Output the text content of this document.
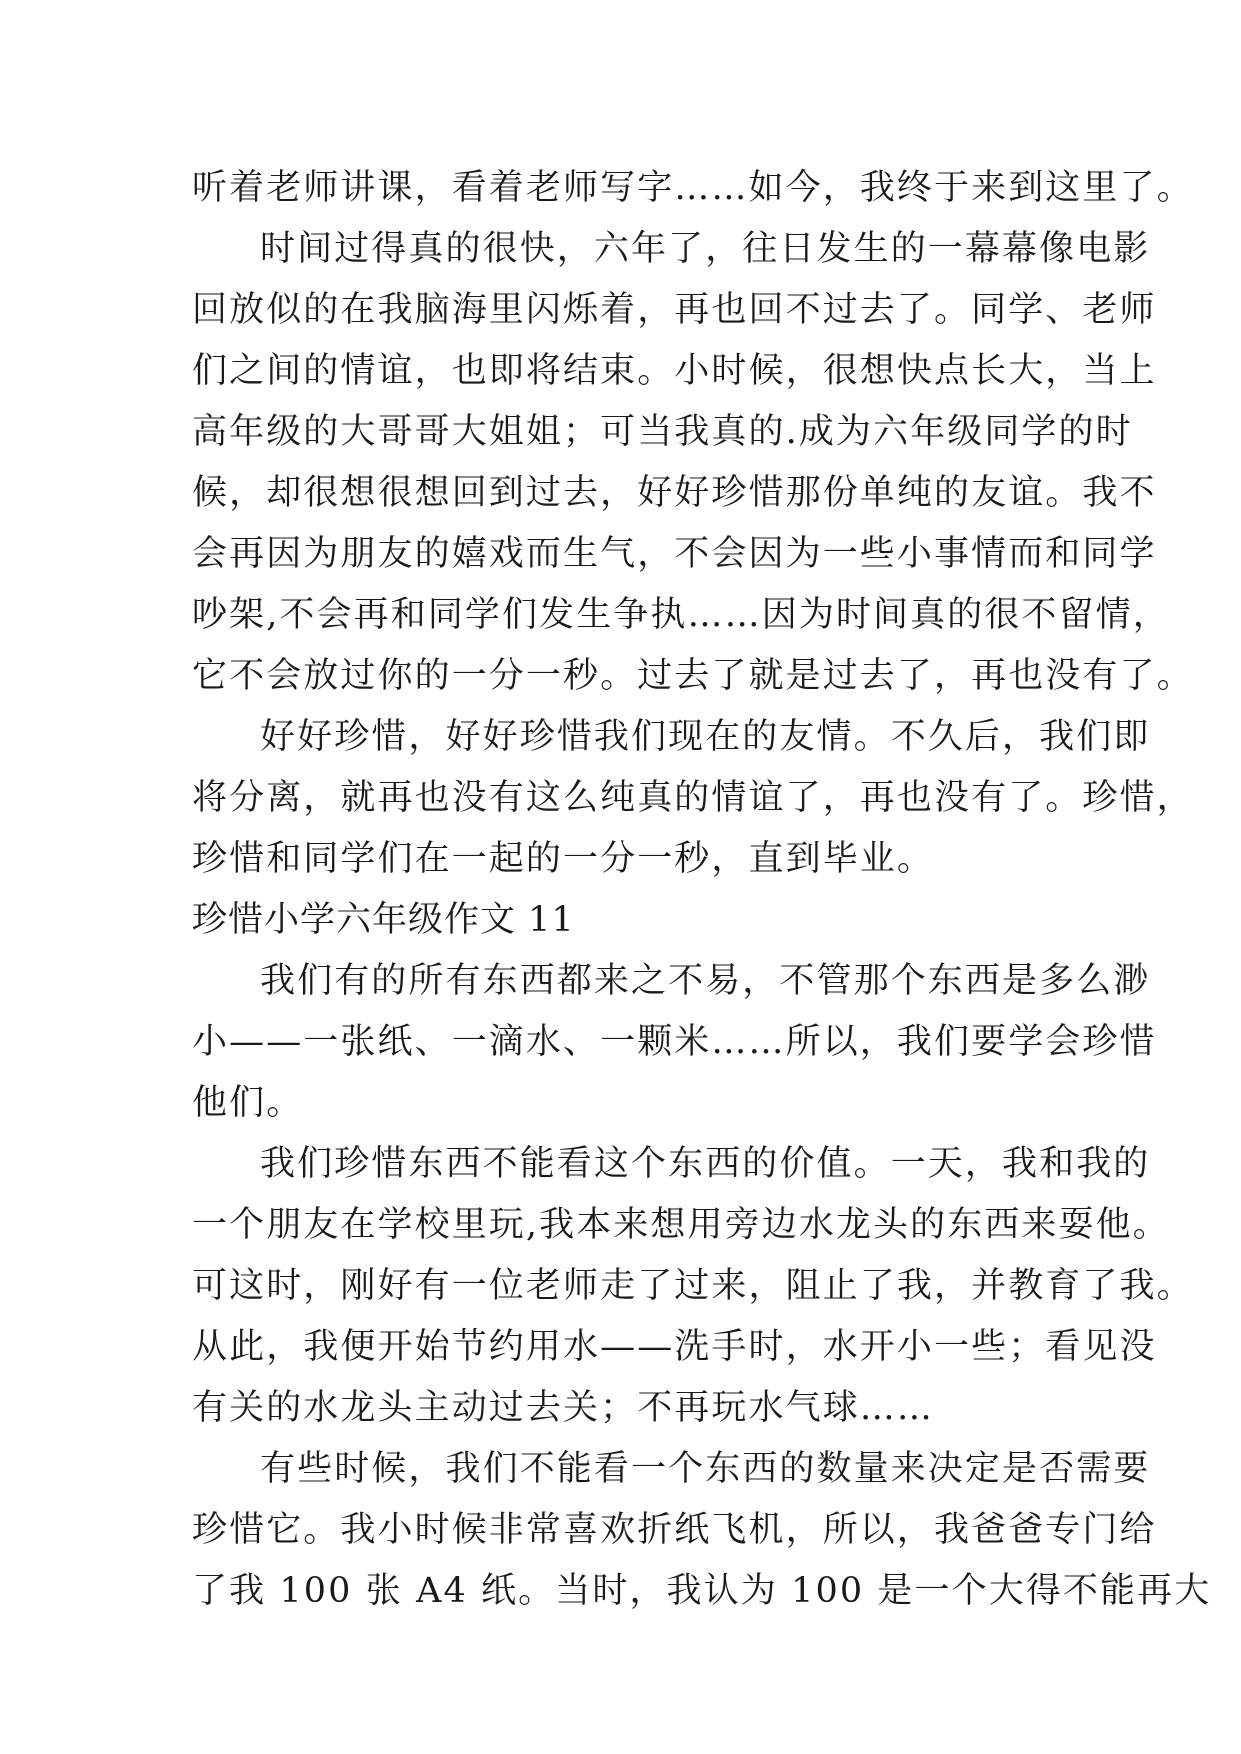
听着老师讲课，看着老师写字……如今，我终于来到这里了。
时间过得真的很快，六年了，往日发生的一幕幕像电影
回放似的在我脑海里闪烁着，再也回不过去了。同学、老师
们之间的情谊，也即将结束。小时候，很想快点长大，当上
高年级的大哥哥大姐姐；可当我真的.成为六年级同学的时
候，却很想很想回到过去，好好珍惜那份单纯的友谊。我不
会再因为朋友的嬉戏而生气，不会因为一些小事情而和同学
吵架,不会再和同学们发生争执……因为时间真的很不留情，
它不会放过你的一分一秒。过去了就是过去了，再也没有了。
好好珍惜，好好珍惜我们现在的友情。不久后，我们即
将分离，就再也没有这么纯真的情谊了，再也没有了。珍惜，
珍惜和同学们在一起的一分一秒，直到毕业。
珍惜小学六年级作文 11
我们有的所有东西都来之不易，不管那个东西是多么渺
小——一张纸、一滴水、一颗米……所以，我们要学会珍惜
他们。
我们珍惜东西不能看这个东西的价值。一天，我和我的
一个朋友在学校里玩,我本来想用旁边水龙头的东西来耍他。
可这时，刚好有一位老师走了过来，阻止了我，并教育了我。
从此，我便开始节约用水——洗手时，水开小一些；看见没
有关的水龙头主动过去关；不再玩水气球……
有些时候，我们不能看一个东西的数量来决定是否需要
珍惜它。我小时候非常喜欢折纸飞机，所以，我爸爸专门给
了我 100 张 A4 纸。当时，我认为 100 是一个大得不能再大
